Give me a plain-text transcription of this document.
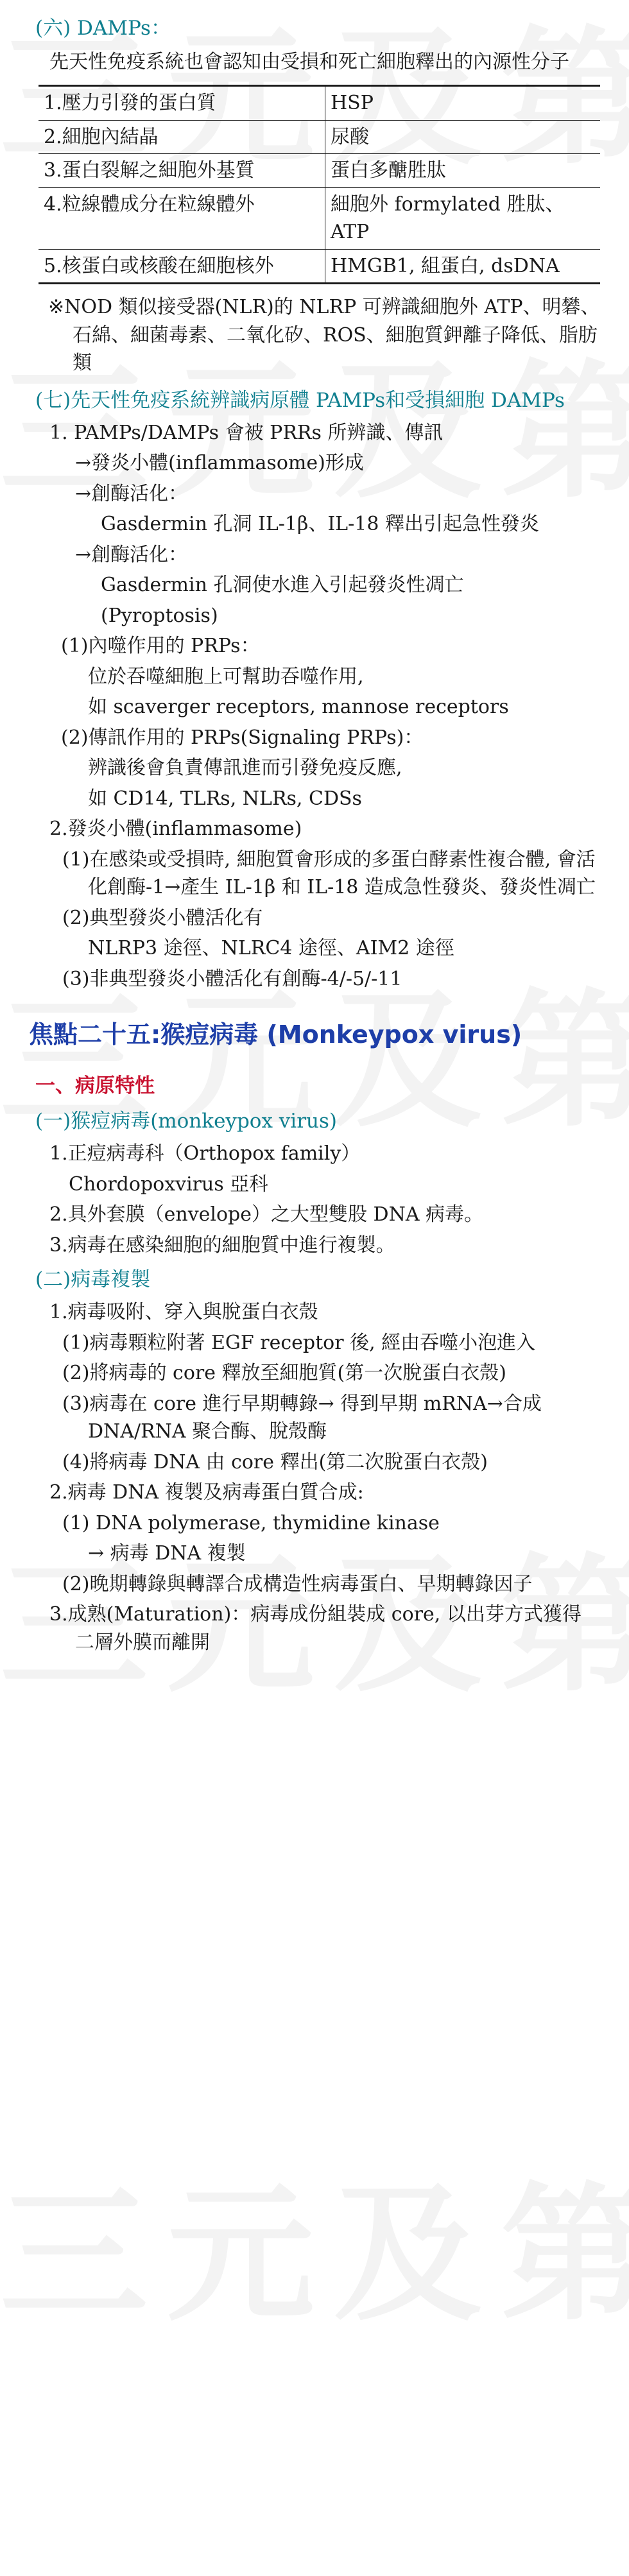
(六) DAMPs：
先天性免疫系統也會認知由受損和死亡細胞釋出的內源性分子
1.壓力引發的蛋白質	HSP
2.細胞內結晶	尿酸
3.蛋白裂解之細胞外基質	蛋白多醣胜肽
4.粒線體成分在粒線體外	細胞外 formylated 胜肽、ATP
5.核蛋白或核酸在細胞核外	HMGB1, 組蛋白, dsDNA
※NOD 類似接受器(NLR)的 NLRP 可辨識細胞外 ATP、明礬、石綿、細菌毒素、二氧化矽、ROS、細胞質鉀離子降低、脂肪類
(七)先天性免疫系統辨識病原體 PAMPs和受損細胞 DAMPs
1. PAMPs/DAMPs 會被 PRRs 所辨識、傳訊
→發炎小體(inflammasome)形成
→創酶活化：
Gasdermin 孔洞 IL-1β、IL-18 釋出引起急性發炎
→創酶活化：
Gasdermin 孔洞使水進入引起發炎性凋亡
(Pyroptosis)
(1)內噬作用的 PRPs：
位於吞噬細胞上可幫助吞噬作用,
如 scaverger receptors, mannose receptors
(2)傳訊作用的 PRPs(Signaling PRPs)：
辨識後會負責傳訊進而引發免疫反應,
如 CD14, TLRs, NLRs, CDSs
2.發炎小體(inflammasome)
(1)在感染或受損時, 細胞質會形成的多蛋白酵素性複合體, 會活化創酶-1→產生 IL-1β 和 IL-18 造成急性發炎、發炎性凋亡
(2)典型發炎小體活化有
NLRP3 途徑、NLRC4 途徑、AIM2 途徑
(3)非典型發炎小體活化有創酶-4/-5/-11
焦點二十五:猴痘病毒 (Monkeypox virus)
一、病原特性
(一)猴痘病毒(monkeypox virus)
1.正痘病毒科（Orthopox family）
Chordopoxvirus 亞科
2.具外套膜（envelope）之大型雙股 DNA 病毒。
3.病毒在感染細胞的細胞質中進行複製。
(二)病毒複製
1.病毒吸附、穿入與脫蛋白衣殼
(1)病毒顆粒附著 EGF receptor 後, 經由吞噬小泡進入
(2)將病毒的 core 釋放至細胞質(第一次脫蛋白衣殼)
(3)病毒在 core 進行早期轉錄→ 得到早期 mRNA→合成 DNA/RNA 聚合酶、脫殼酶
(4)將病毒 DNA 由 core 釋出(第二次脫蛋白衣殼)
2.病毒 DNA 複製及病毒蛋白質合成:
(1) DNA polymerase, thymidine kinase
→ 病毒 DNA 複製
(2)晚期轉錄與轉譯合成構造性病毒蛋白、早期轉錄因子
3.成熟(Maturation)：病毒成份組裝成 core, 以出芽方式獲得二層外膜而離開
